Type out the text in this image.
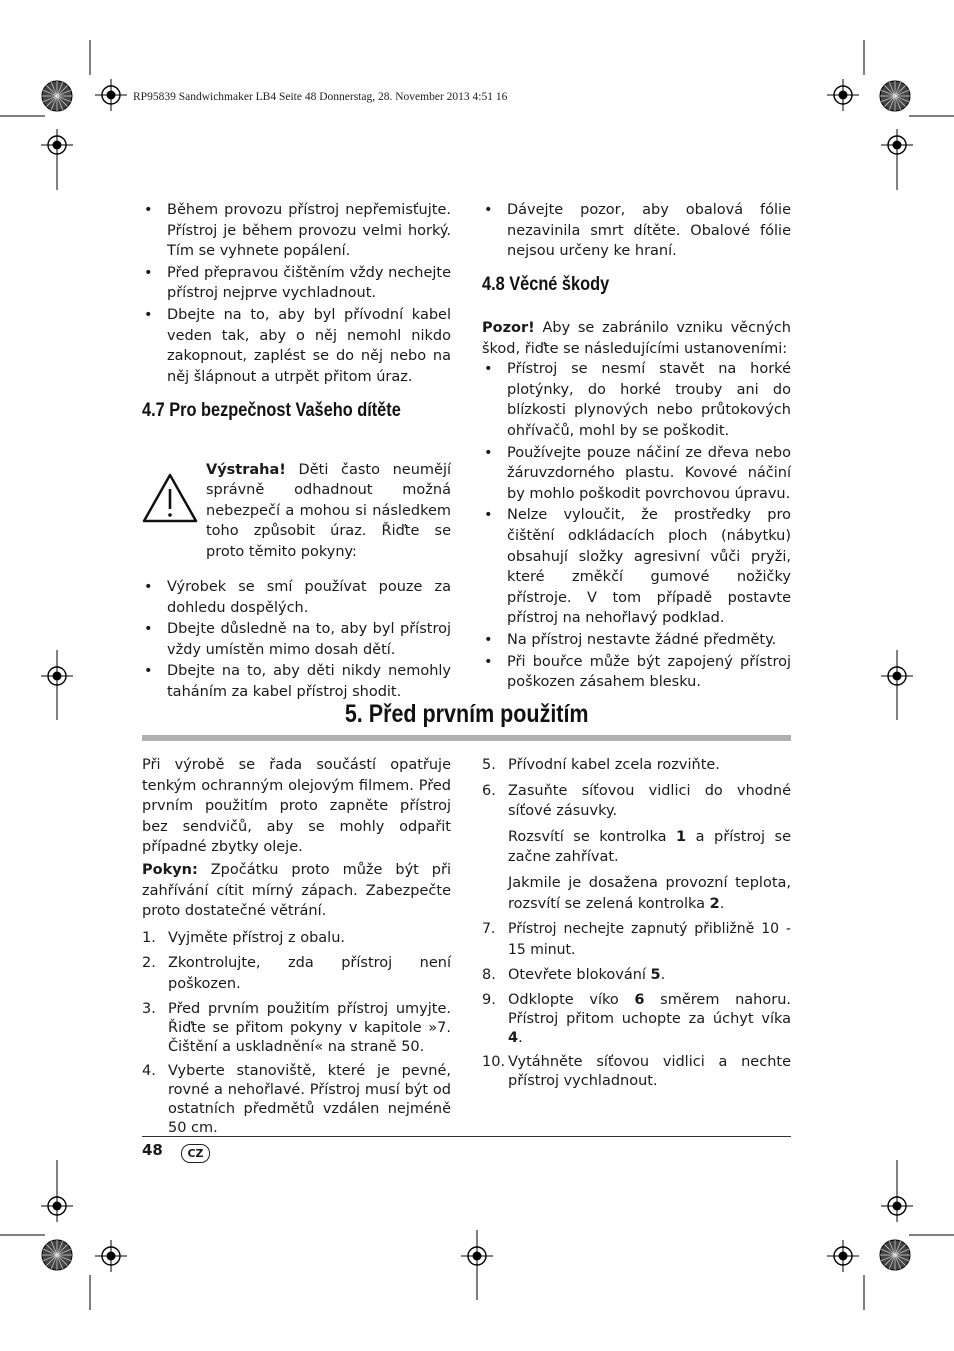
RP95839 Sandwichmaker LB4 Seite 48 Donnerstag, 28. November 2013 4:51 16
• Během provozu přístroj nepřemisťujte. Přístroj je během provozu velmi horký. Tím se vyhnete popálení.
• Před přepravou čištěním vždy nechejte přístroj nejprve vychladnout.
• Dbejte na to, aby byl přívodní kabel veden tak, aby o něj nemohl nikdo zakopnout, zaplést se do něj nebo na něj šlápnout a utrpět přitom úraz.
4.7 Pro bezpečnost Vašeho dítěte

Výstraha! Děti často neumějí správně odhadnout možná nebezpečí a mohou si následkem toho způsobit úraz. Řiďte se proto těmito pokyny:

• Výrobek se smí používat pouze za dohledu dospělých.
• Dbejte důsledně na to, aby byl přístroj vždy umístěn mimo dosah dětí.
• Dbejte na to, aby děti nikdy nemohly taháním za kabel přístroj shodit.
• Dávejte pozor, aby obalová fólie nezavinila smrt dítěte. Obalové fólie nejsou určeny ke hraní.
4.8 Věcné škody

Pozor! Aby se zabránilo vzniku věcných škod, řiďte se následujícími ustanoveními:

• Přístroj se nesmí stavět na horké plotýnky, do horké trouby ani do blízkosti plynových nebo průtokových ohřívačů, mohl by se poškodit.
• Používejte pouze náčiní ze dřeva nebo žáruvzdorného plastu. Kovové náčiní by mohlo poškodit povrchovou úpravu.
• Nelze vyloučit, že prostředky pro čištění odkládacích ploch (nábytku) obsahují složky agresivní vůči pryži, které změkčí gumové nožičky přístroje. V tom případě postavte přístroj na nehořlavý podklad.
• Na přístroj nestavte žádné předměty.
• Při bouřce může být zapojený přístroj poškozen zásahem blesku.
5. Před prvním použitím

Při výrobě se řada součástí opatřuje tenkým ochranným olejovým filmem. Před prvním použitím proto zapněte přístroj bez sendvičů, aby se mohly odpařit případné zbytky oleje.

Pokyn: Zpočátku proto může být při zahřívání cítit mírný zápach. Zabezpečte proto dostatečné větrání.

1. Vyjměte přístroj z obalu.
2. Zkontrolujte, zda přístroj není poškozen.
3. Před prvním použitím přístroj umyjte. Řiďte se přitom pokyny v kapitole »7. Čištění a uskladnění« na straně 50.
4. Vyberte stanoviště, které je pevné, rovné a nehořlavé. Přístroj musí být od ostatních předmětů vzdálen nejméně 50 cm.
5. Přívodní kabel zcela rozviňte.
6. Zasuňte síťovou vidlici do vhodné síťové zásuvky.

Rozsvítí se kontrolka 1 a přístroj se začne zahřívat.

Jakmile je dosažena provozní teplota, rozsvítí se zelená kontrolka 2.

7. Přístroj nechejte zapnutý přibližně 10 - 15 minut.
8. Otevřete blokování 5.
9. Odklopte víko 6 směrem nahoru. Přístroj přitom uchopte za úchyt víka 4.
10. Vytáhněte síťovou vidlici a nechte přístroj vychladnout.
48	CZ
